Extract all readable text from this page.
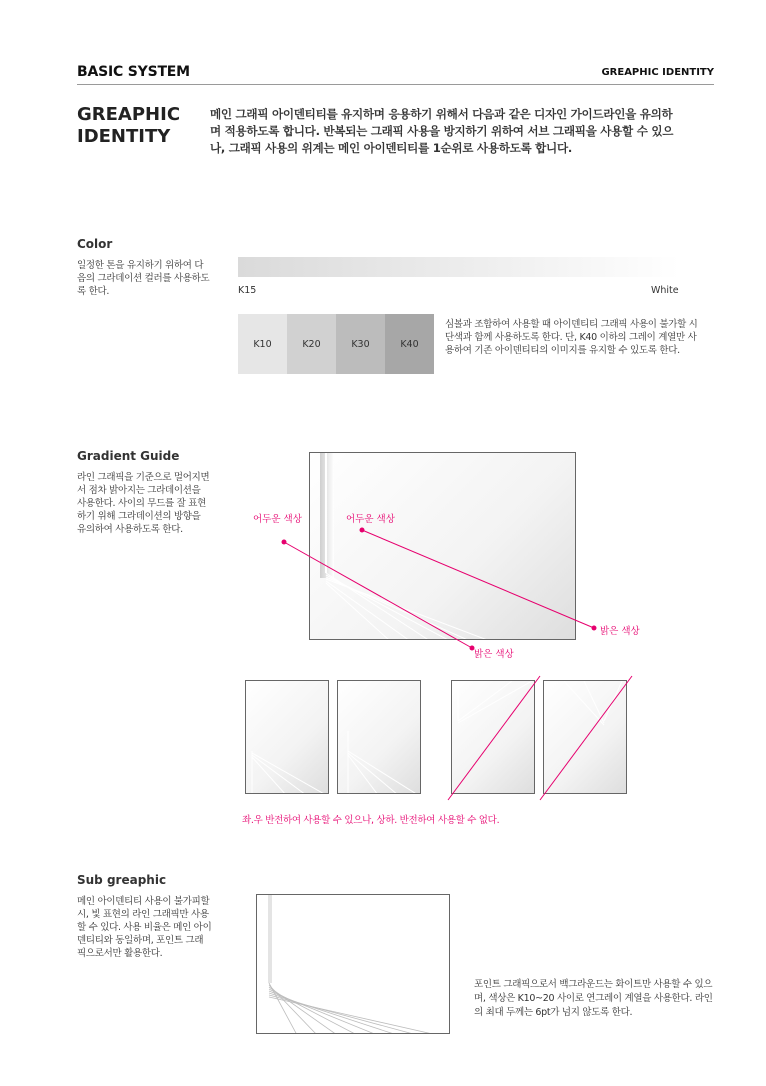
BASIC SYSTEM	GREAPHIC IDENTITY
GREAPHIC
IDENTITY
메인 그래픽 아이덴티티를 유지하며 응용하기 위해서 다음과 같은 디자인 가이드라인을 유의하며 적용하도록 합니다. 반복되는 그래픽 사용을 방지하기 위하여 서브 그래픽을 사용할 수 있으나, 그래픽 사용의 위계는 메인 아이덴티티를 1순위로 사용하도록 합니다.
Color
일정한 톤을 유지하기 위하여 다음의 그라데이션 컬러를 사용하도록 한다.	K15	White
K10	K20	K30	K40
심볼과 조합하여 사용할 때 아이덴티티 그래픽 사용이 불가할 시 단색과 함께 사용하도록 한다. 단, K40 이하의 그레이 계열만 사용하여 기존 아이덴티티의 이미지를 유지할 수 있도록 한다.
Gradient Guide
라인 그래픽을 기준으로 멀어지면서 점차 밝아지는 그라데이션을 사용한다. 사이의 무드를 잘 표현하기 위해 그라데이션의 방향을 유의하여 사용하도록 한다.
어두운 색상	어두운 색상
밝은 색상
밝은 색상
좌.우 반전하여 사용할 수 있으나, 상하. 반전하여 사용할 수 없다.
Sub greaphic
메인 아이덴티티 사용이 불가피할 시, 빛 표현의 라인 그래픽만 사용할 수 있다. 사용 비율은 메인 아이덴티티와 동일하며, 포인트 그래픽으로서만 활용한다.
포인트 그래픽으로서 백그라운드는 화이트만 사용할 수 있으며, 색상은 K10~20 사이로 연그레이 계열을 사용한다. 라인의 최대 두께는 6pt가 넘지 않도록 한다.
